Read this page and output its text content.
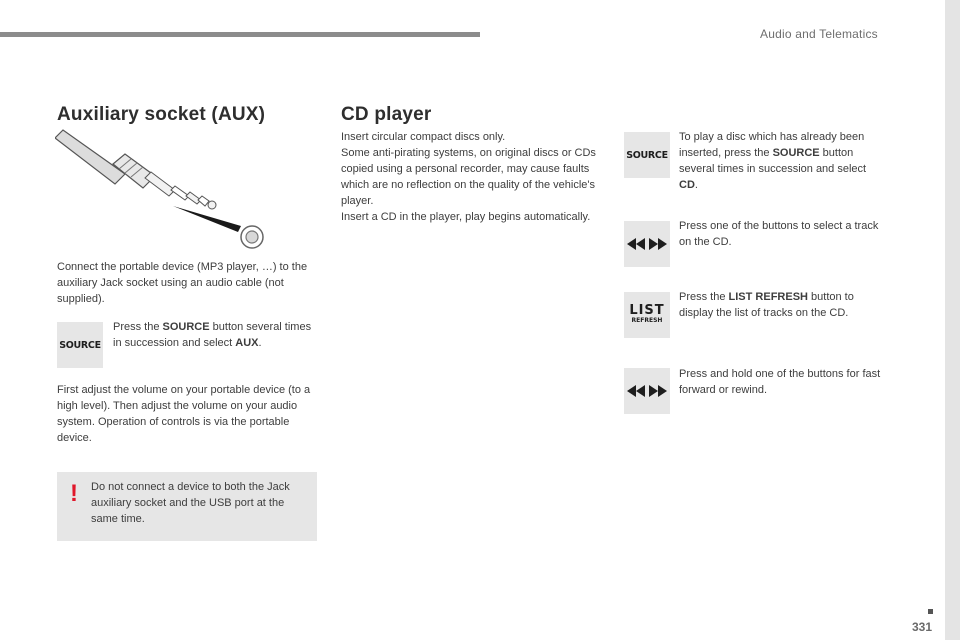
Audio and Telematics
Auxiliary socket (AUX)
Connect the portable device (MP3 player, …) to the auxiliary Jack socket using an audio cable (not supplied).
SOURCE
Press the SOURCE button several times in succession and select AUX.
First adjust the volume on your portable device (to a high level). Then adjust the volume on your audio system. Operation of controls is via the portable device.
! Do not connect a device to both the Jack auxiliary socket and the USB port at the same time.
CD player
Insert circular compact discs only.
Some anti-pirating systems, on original discs or CDs copied using a personal recorder, may cause faults which are no reflection on the quality of the vehicle's player.
Insert a CD in the player, play begins automatically.
SOURCE
To play a disc which has already been inserted, press the SOURCE button several times in succession and select CD.
Press one of the buttons to select a track on the CD.
LIST
REFRESH
Press the LIST REFRESH button to display the list of tracks on the CD.
Press and hold one of the buttons for fast forward or rewind.
331
